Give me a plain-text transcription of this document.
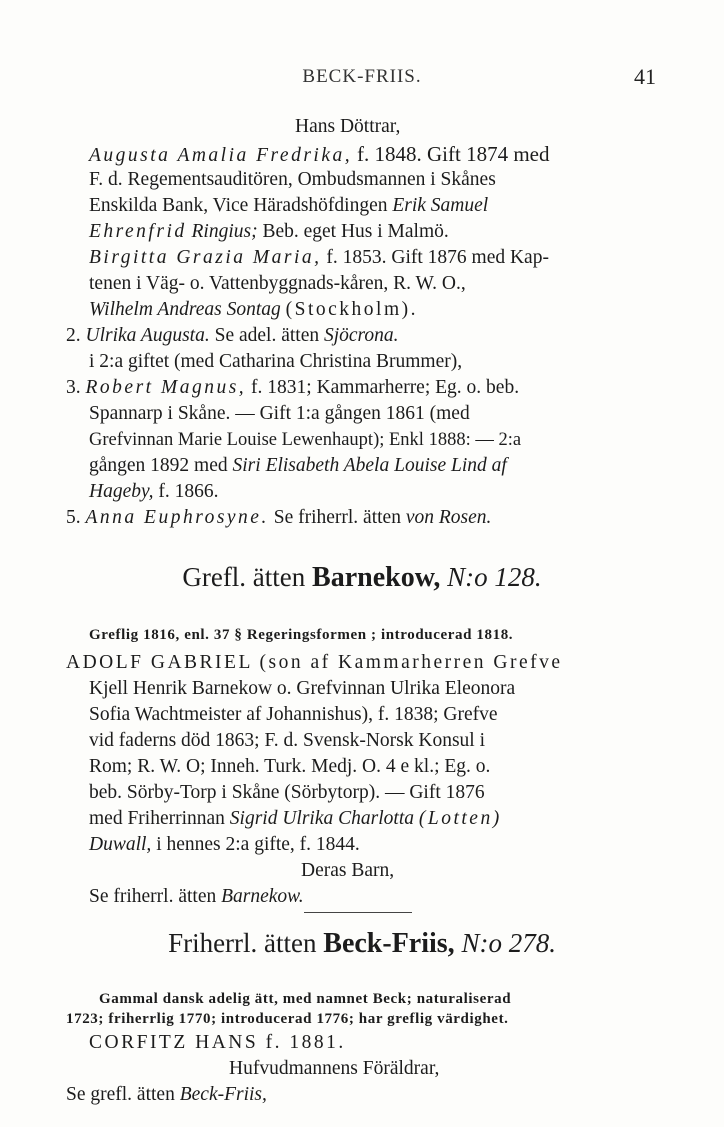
BECK-FRIIS.	41
Hans Döttrar,
Augusta Amalia Fredrika, f. 1848. Gift 1874 med
F. d. Regementsauditören, Ombudsmannen i Skånes
Enskilda Bank, Vice Häradshöfdingen Erik Samuel
Ehrenfrid Ringius; Beb. eget Hus i Malmö.
Birgitta Grazia Maria, f. 1853. Gift 1876 med Kap-
tenen i Väg- o. Vattenbyggnads-kåren, R. W. O.,
Wilhelm Andreas Sontag (Stockholm).
2. Ulrika Augusta. Se adel. ätten Sjöcrona.
i 2:a giftet (med Catharina Christina Brummer),
3. Robert Magnus, f. 1831; Kammarherre; Eg. o. beb.
Spannarp i Skåne. — Gift 1:a gången 1861 (med
Grefvinnan Marie Louise Lewenhaupt); Enkl 1888: — 2:a
gången 1892 med Siri Elisabeth Abela Louise Lind af
Hageby, f. 1866.
5. Anna Euphrosyne. Se friherrl. ätten von Rosen.
Grefl. ätten Barnekow, N:o 128.
Greflig 1816, enl. 37 § Regeringsformen ; introducerad 1818.
ADOLF GABRIEL (son af Kammarherren Grefve
Kjell Henrik Barnekow o. Grefvinnan Ulrika Eleonora
Sofia Wachtmeister af Johannishus), f. 1838; Grefve
vid faderns död 1863; F. d. Svensk-Norsk Konsul i
Rom; R. W. O; Inneh. Turk. Medj. O. 4 e kl.; Eg. o.
beb. Sörby-Torp i Skåne (Sörbytorp). — Gift 1876
med Friherrinnan Sigrid Ulrika Charlotta (Lotten)
Duwall, i hennes 2:a gifte, f. 1844.
Deras Barn,
Se friherrl. ätten Barnekow.
Friherrl. ätten Beck-Friis, N:o 278.
Gammal dansk adelig ätt, med namnet Beck; naturaliserad
1723; friherrlig 1770; introducerad 1776; har greflig värdighet.
CORFITZ HANS f. 1881.
Hufvudmannens Föräldrar,
Se grefl. ätten Beck-Friis,
